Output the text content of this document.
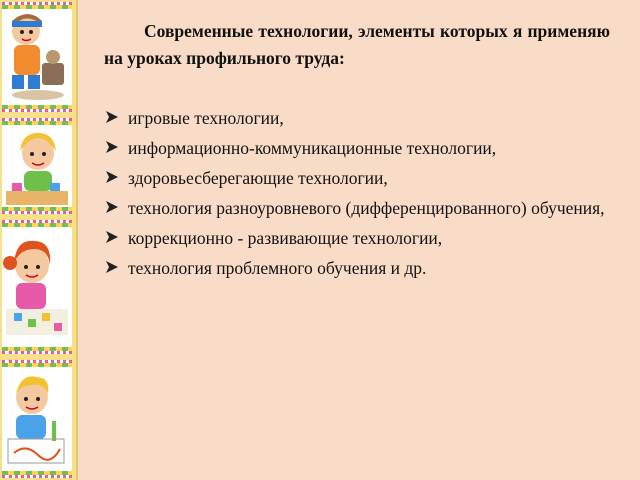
Современные технологии, элементы которых я применяю на уроках профильного труда:
игровые технологии,
информационно-коммуникационные технологии,
здоровьесберегающие технологии,
технология разноуровневого (дифференцированного) обучения,
коррекционно - развивающие технологии,
технология проблемного обучения и др.
